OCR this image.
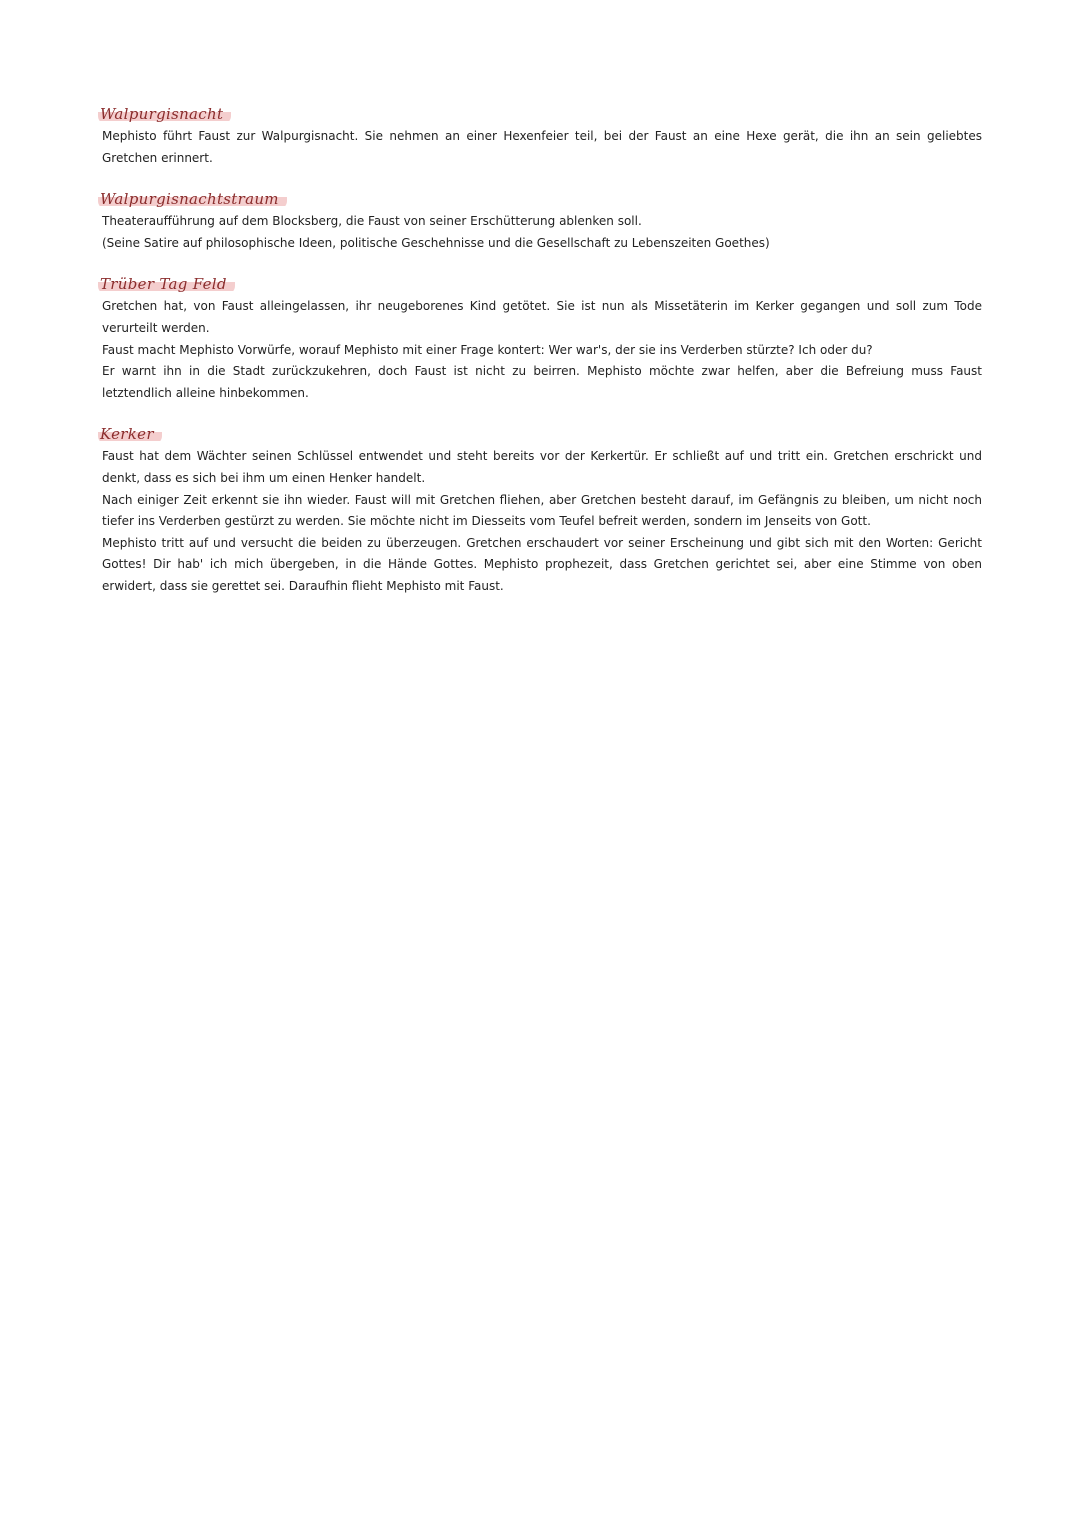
Walpurgisnacht

Mephisto führt Faust zur Walpurgisnacht. Sie nehmen an einer Hexenfeier teil, bei der Faust an eine Hexe gerät, die ihn an sein geliebtes Gretchen erinnert.

Walpurgisnachtstraum

Theateraufführung auf dem Blocksberg, die Faust von seiner Erschütterung ablenken soll.

(Seine Satire auf philosophische Ideen, politische Geschehnisse und die Gesellschaft zu Lebenszeiten Goethes)

Trüber Tag Feld

Gretchen hat, von Faust alleingelassen, ihr neugeborenes Kind getötet. Sie ist nun als Missetäterin im Kerker gegangen und soll zum Tode verurteilt werden.

Faust macht Mephisto Vorwürfe, worauf Mephisto mit einer Frage kontert: Wer war's, der sie ins Verderben stürzte? Ich oder du?

Er warnt ihn in die Stadt zurückzukehren, doch Faust ist nicht zu beirren. Mephisto möchte zwar helfen, aber die Befreiung muss Faust letztendlich alleine hinbekommen.

Kerker

Faust hat dem Wächter seinen Schlüssel entwendet und steht bereits vor der Kerkertür. Er schließt auf und tritt ein. Gretchen erschrickt und denkt, dass es sich bei ihm um einen Henker handelt.

Nach einiger Zeit erkennt sie ihn wieder. Faust will mit Gretchen fliehen, aber Gretchen besteht darauf, im Gefängnis zu bleiben, um nicht noch tiefer ins Verderben gestürzt zu werden. Sie möchte nicht im Diesseits vom Teufel befreit werden, sondern im Jenseits von Gott.

Mephisto tritt auf und versucht die beiden zu überzeugen. Gretchen erschaudert vor seiner Erscheinung und gibt sich mit den Worten: Gericht Gottes! Dir hab' ich mich übergeben, in die Hände Gottes. Mephisto prophezeit, dass Gretchen gerichtet sei, aber eine Stimme von oben erwidert, dass sie gerettet sei. Daraufhin flieht Mephisto mit Faust.
